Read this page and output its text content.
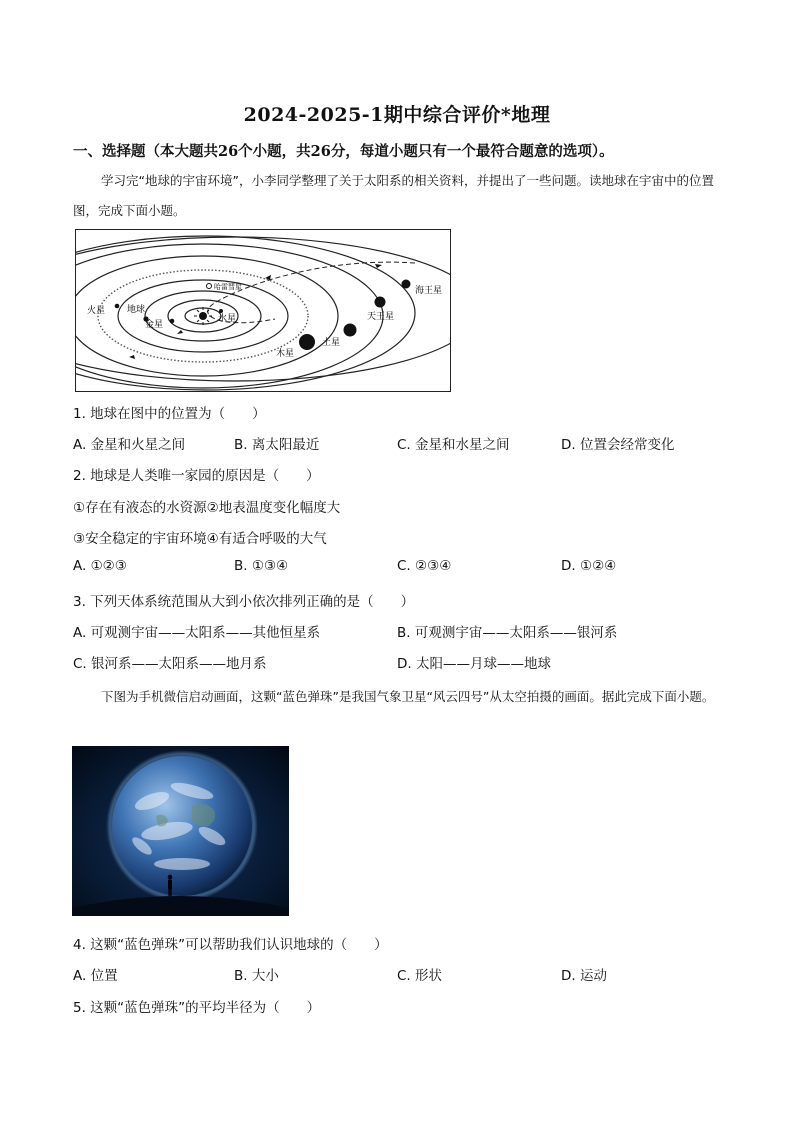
2024-2025-1期中综合评价*地理
一、选择题（本大题共26个小题，共26分，每道小题只有一个最符合题意的选项）。
学习完“地球的宇宙环境”，小李同学整理了关于太阳系的相关资料，并提出了一些问题。读地球在宇宙中的位置图，完成下面小题。
海王星
天王星
土星
木星
火星 地球
金星
水星
哈雷彗星
1. 地球在图中的位置为（　　）
A. 金星和火星之间	B. 离太阳最近	C. 金星和水星之间	D. 位置会经常变化
2. 地球是人类唯一家园的原因是（　　）
①存在有液态的水资源②地表温度变化幅度大
③安全稳定的宇宙环境④有适合呼吸的大气
A. ①②③	B. ①③④	C. ②③④	D. ①②④
3. 下列天体系统范围从大到小依次排列正确的是（　　）
A. 可观测宇宙——太阳系——其他恒星系	B. 可观测宇宙——太阳系——银河系
C. 银河系——太阳系——地月系	D. 太阳——月球——地球
下图为手机微信启动画面，这颗“蓝色弹珠”是我国气象卫星“风云四号”从太空拍摄的画面。据此完成下面小题。
4. 这颗“蓝色弹珠”可以帮助我们认识地球的（　　）
A. 位置	B. 大小	C. 形状	D. 运动
5. 这颗“蓝色弹珠”的平均半径为（　　）
